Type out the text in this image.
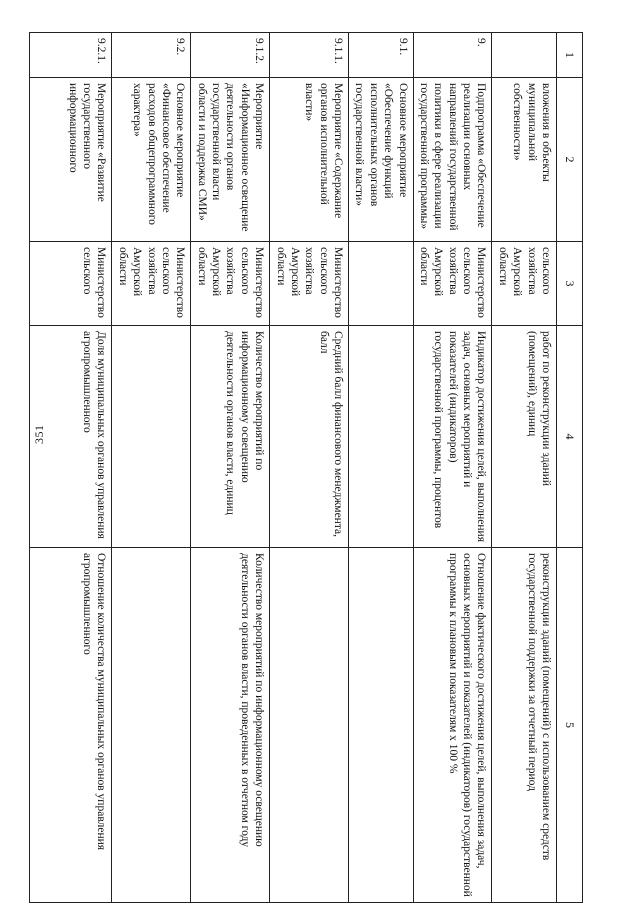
351
1	2	3	4	5
	вложения в объекты муниципальной собственности»	сельского хозяйства Амурской области	работ по реконструкции зданий (помещений), единиц	реконструкции зданий (помещений) с использованием средств государственной поддержки за отчетный период
9.	Подпрограмма «Обеспечение реализации основных направлений государственной политики в сфере реализации государственной программы»	Министерство сельского хозяйства Амурской области	Индикатор достижения целей, выполнения задач, основных мероприятий и показателей (индикаторов) государственной программы, процентов	Отношение фактического достижения целей, выполнения задач, основных мероприятий и показателей (индикаторов) государственной программы к плановым показателям х 100 %
9.1.	Основное мероприятие «Обеспечение функций исполнительных органов государственной власти»			
9.1.1.	Мероприятие «Содержание органов исполнительной власти»	Министерство сельского хозяйства Амурской области	Средний балл финансового менеджмента, балл	
9.1.2.	Мероприятие «Информационное освещение деятельности органов государственной власти области и поддержка СМИ»	Министерство сельского хозяйства Амурской области	Количество мероприятий по информационному освещению деятельности органов власти, единиц	Количество мероприятий по информационному освещению деятельности органов власти, проведенных в отчетном году
9.2.	Основное мероприятие «Финансовое обеспечение расходов общепрограммного характера»	Министерство сельского хозяйства Амурской области		
9.2.1.	Мероприятие «Развитие государственного информационного	Министерство сельского	Доля муниципальных органов управления агропромышленного	Отношение количества муниципальных органов управления агропромышленного
